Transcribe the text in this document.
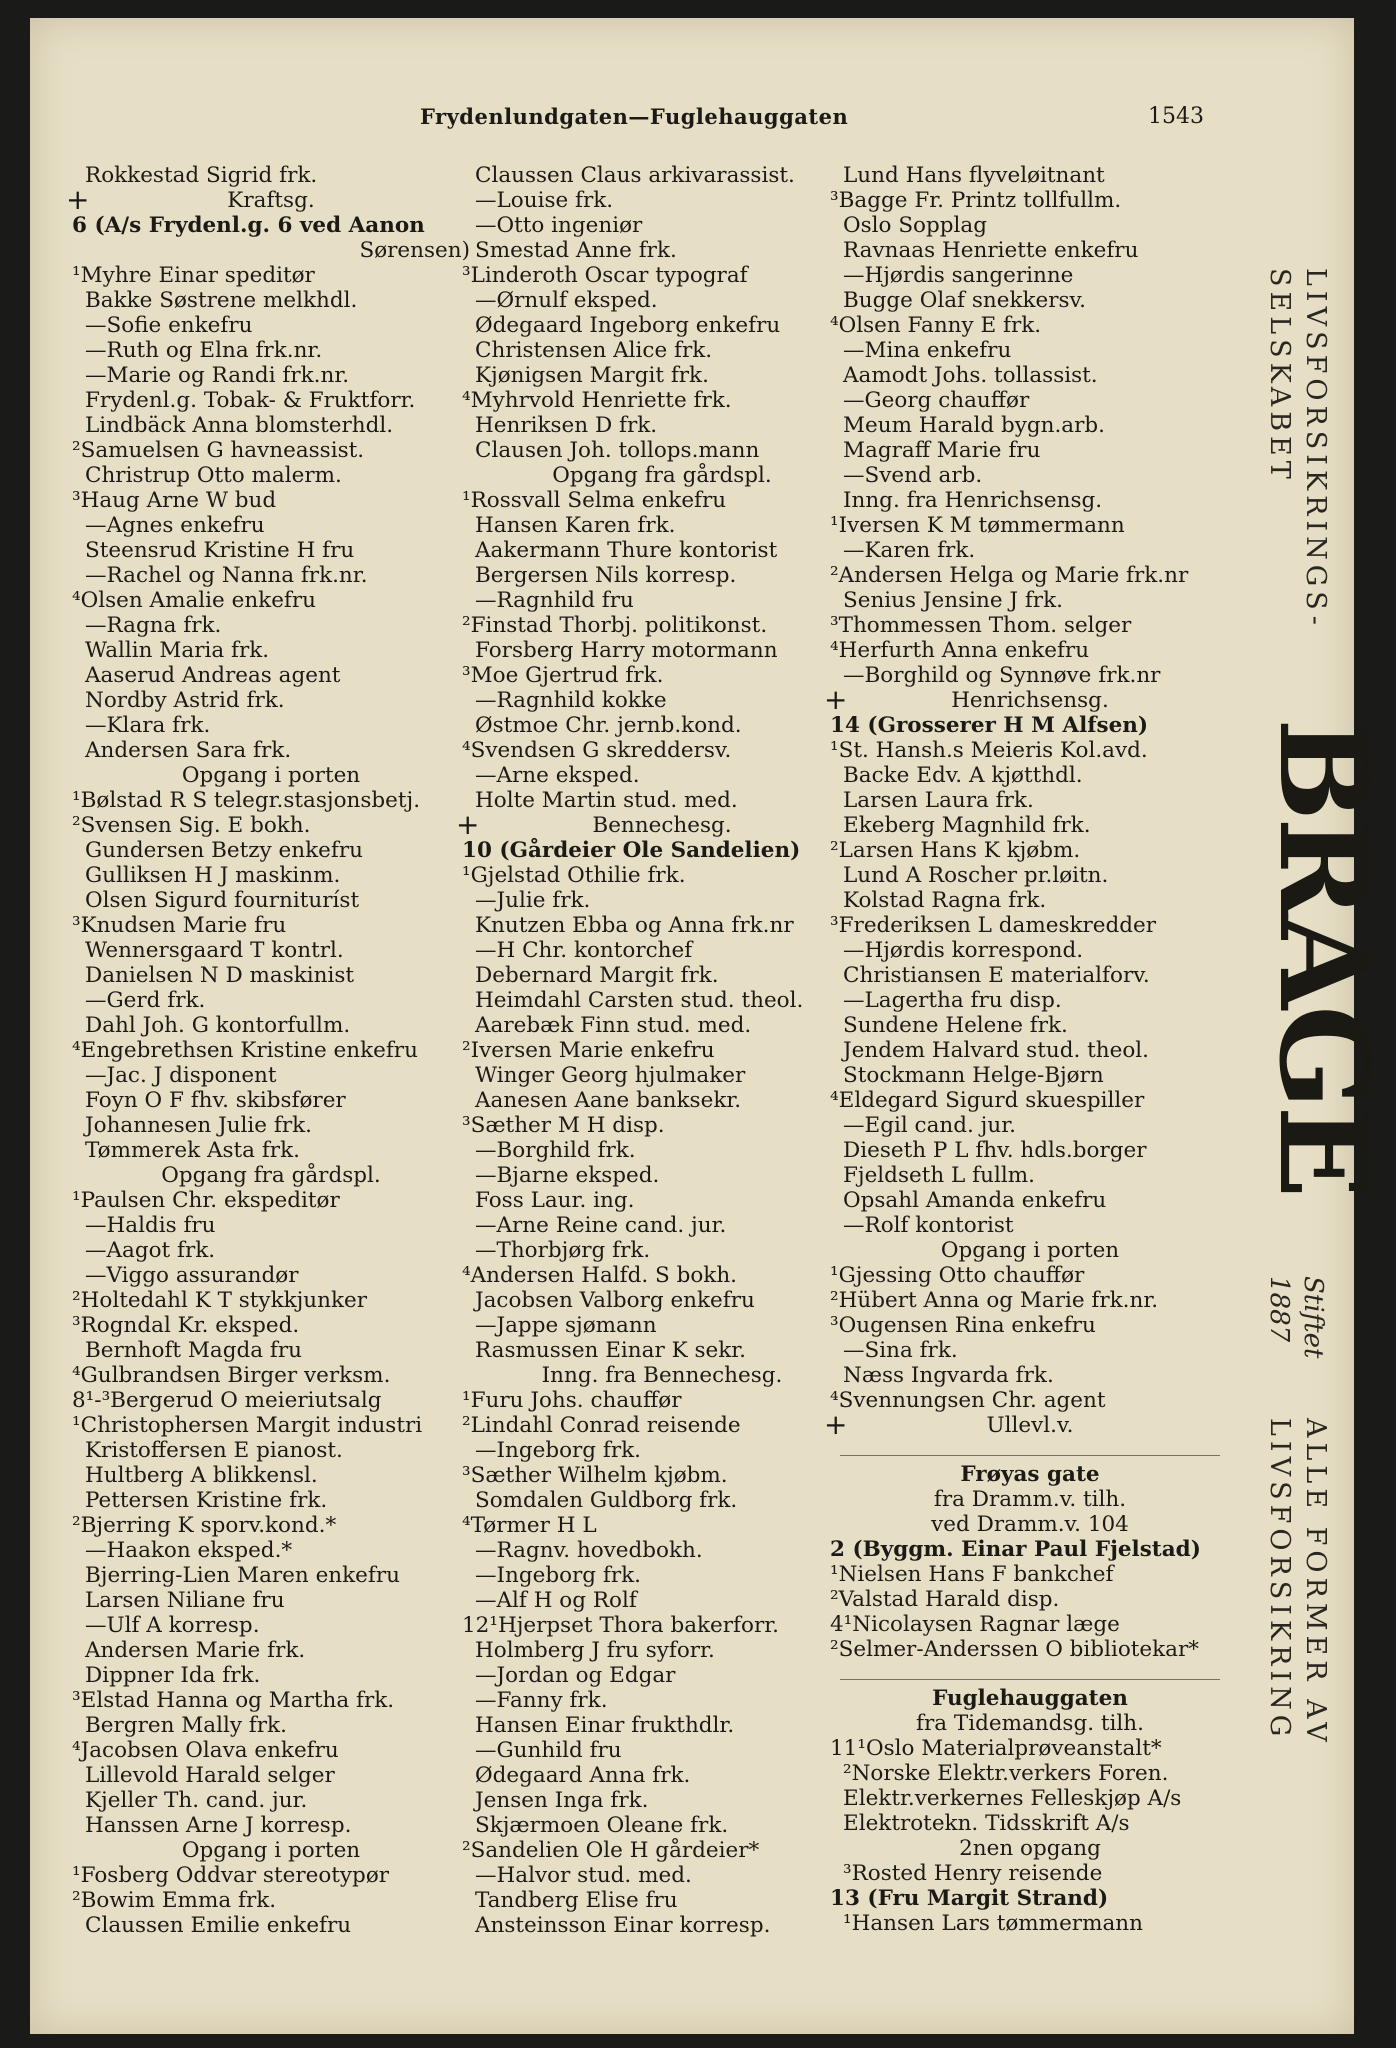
Frydenlundgaten—Fuglehauggaten	1543
Rokkestad Sigrid frk.
+	Kraftsg.
6 (A/s Frydenl.g. 6 ved Aanon
Sørensen)
¹Myhre Einar speditør
Bakke Søstrene melkhdl.
—Sofie enkefru
—Ruth og Elna frk.nr.
—Marie og Randi frk.nr.
Frydenl.g. Tobak- & Fruktforr.
Lindbäck Anna blomsterhdl.
²Samuelsen G havneassist.
Christrup Otto malerm.
³Haug Arne W bud
—Agnes enkefru
Steensrud Kristine H fru
—Rachel og Nanna frk.nr.
⁴Olsen Amalie enkefru
—Ragna frk.
Wallin Maria frk.
Aaserud Andreas agent
Nordby Astrid frk.
—Klara frk.
Andersen Sara frk.
Opgang i porten
¹Bølstad R S telegr.stasjonsbetj.
²Svensen Sig. E bokh.
Gundersen Betzy enkefru
Gulliksen H J maskinm.
Olsen Sigurd fournituríst
³Knudsen Marie fru
Wennersgaard T kontrl.
Danielsen N D maskinist
—Gerd frk.
Dahl Joh. G kontorfullm.
⁴Engebrethsen Kristine enkefru
—Jac. J disponent
Foyn O F fhv. skibsfører
Johannesen Julie frk.
Tømmerek Asta frk.
Opgang fra gårdspl.
¹Paulsen Chr. ekspeditør
—Haldis fru
—Aagot frk.
—Viggo assurandør
²Holtedahl K T stykkjunker
³Rogndal Kr. eksped.
Bernhoft Magda fru
⁴Gulbrandsen Birger verksm.
8¹-³Bergerud O meieriutsalg
¹Christophersen Margit industri
Kristoffersen E pianost.
Hultberg A blikkensl.
Pettersen Kristine frk.
²Bjerring K sporv.kond.*
—Haakon eksped.*
Bjerring-Lien Maren enkefru
Larsen Niliane fru
—Ulf A korresp.
Andersen Marie frk.
Dippner Ida frk.
³Elstad Hanna og Martha frk.
Bergren Mally frk.
⁴Jacobsen Olava enkefru
Lillevold Harald selger
Kjeller Th. cand. jur.
Hanssen Arne J korresp.
Opgang i porten
¹Fosberg Oddvar stereotypør
²Bowim Emma frk.
Claussen Emilie enkefru
Claussen Claus arkivarassist.
—Louise frk.
—Otto ingeniør
Smestad Anne frk.
³Linderoth Oscar typograf
—Ørnulf eksped.
Ødegaard Ingeborg enkefru
Christensen Alice frk.
Kjønigsen Margit frk.
⁴Myhrvold Henriette frk.
Henriksen D frk.
Clausen Joh. tollops.mann
Opgang fra gårdspl.
¹Rossvall Selma enkefru
Hansen Karen frk.
Aakermann Thure kontorist
Bergersen Nils korresp.
—Ragnhild fru
²Finstad Thorbj. politikonst.
Forsberg Harry motormann
³Moe Gjertrud frk.
—Ragnhild kokke
Østmoe Chr. jernb.kond.
⁴Svendsen G skreddersv.
—Arne eksped.
Holte Martin stud. med.
+	Bennechesg.
10 (Gårdeier Ole Sandelien)
¹Gjelstad Othilie frk.
—Julie frk.
Knutzen Ebba og Anna frk.nr
—H Chr. kontorchef
Debernard Margit frk.
Heimdahl Carsten stud. theol.
Aarebæk Finn stud. med.
²Iversen Marie enkefru
Winger Georg hjulmaker
Aanesen Aane banksekr.
³Sæther M H disp.
—Borghild frk.
—Bjarne eksped.
Foss Laur. ing.
—Arne Reine cand. jur.
—Thorbjørg frk.
⁴Andersen Halfd. S bokh.
Jacobsen Valborg enkefru
—Jappe sjømann
Rasmussen Einar K sekr.
Inng. fra Bennechesg.
¹Furu Johs. chauffør
²Lindahl Conrad reisende
—Ingeborg frk.
³Sæther Wilhelm kjøbm.
Somdalen Guldborg frk.
⁴Tørmer H L
—Ragnv. hovedbokh.
—Ingeborg frk.
—Alf H og Rolf
12¹Hjerpset Thora bakerforr.
Holmberg J fru syforr.
—Jordan og Edgar
—Fanny frk.
Hansen Einar frukthdlr.
—Gunhild fru
Ødegaard Anna frk.
Jensen Inga frk.
Skjærmoen Oleane frk.
²Sandelien Ole H gårdeier*
—Halvor stud. med.
Tandberg Elise fru
Ansteinsson Einar korresp.
Lund Hans flyveløitnant
³Bagge Fr. Printz tollfullm.
Oslo Sopplag
Ravnaas Henriette enkefru
—Hjørdis sangerinne
Bugge Olaf snekkersv.
⁴Olsen Fanny E frk.
—Mina enkefru
Aamodt Johs. tollassist.
—Georg chauffør
Meum Harald bygn.arb.
Magraff Marie fru
—Svend arb.
Inng. fra Henrichsensg.
¹Iversen K M tømmermann
—Karen frk.
²Andersen Helga og Marie frk.nr
Senius Jensine J frk.
³Thommessen Thom. selger
⁴Herfurth Anna enkefru
—Borghild og Synnøve frk.nr
+	Henrichsensg.
14 (Grosserer H M Alfsen)
¹St. Hansh.s Meieris Kol.avd.
Backe Edv. A kjøtthdl.
Larsen Laura frk.
Ekeberg Magnhild frk.
²Larsen Hans K kjøbm.
Lund A Roscher pr.løitn.
Kolstad Ragna frk.
³Frederiksen L dameskredder
—Hjørdis korrespond.
Christiansen E materialforv.
—Lagertha fru disp.
Sundene Helene frk.
Jendem Halvard stud. theol.
Stockmann Helge-Bjørn
⁴Eldegard Sigurd skuespiller
—Egil cand. jur.
Dieseth P L fhv. hdls.borger
Fjeldseth L fullm.
Opsahl Amanda enkefru
—Rolf kontorist
Opgang i porten
¹Gjessing Otto chauffør
²Hübert Anna og Marie frk.nr.
³Ougensen Rina enkefru
—Sina frk.
Næss Ingvarda frk.
⁴Svennungsen Chr. agent
+	Ullevl.v.
Frøyas gate
fra Dramm.v. tilh.
ved Dramm.v. 104
2 (Byggm. Einar Paul Fjelstad)
¹Nielsen Hans F bankchef
²Valstad Harald disp.
4¹Nicolaysen Ragnar læge
²Selmer-Anderssen O bibliotekar*
Fuglehauggaten
fra Tidemandsg. tilh.
11¹Oslo Materialprøveanstalt*
²Norske Elektr.verkers Foren.
Elektr.verkernes Felleskjøp A/s
Elektrotekn. Tidsskrift A/s
2nen opgang
³Rosted Henry reisende
13 (Fru Margit Strand)
¹Hansen Lars tømmermann
LIVSFORSIKRINGS-
SELSKABET
BRAGE
Stiftet
1887
ALLE FORMER AV
LIVSFORSIKRING
